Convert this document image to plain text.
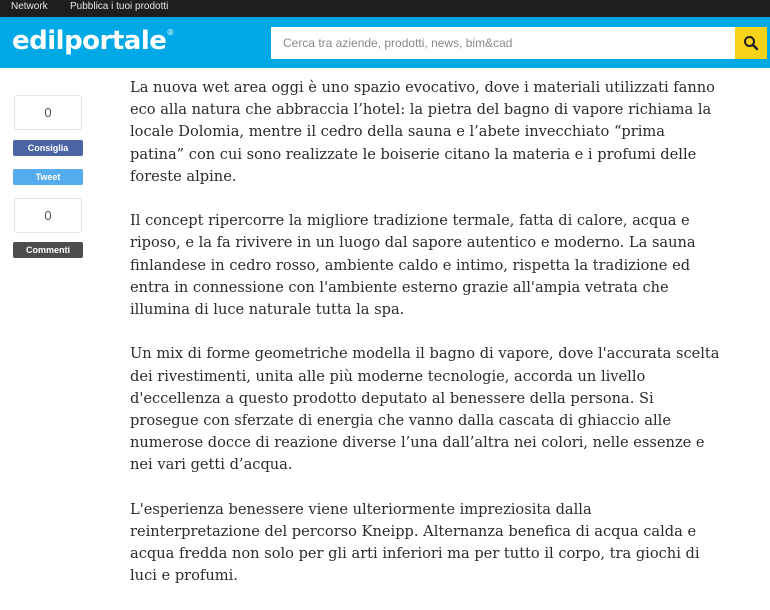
Network Pubblica i tuoi prodotti
edilportale®
Cerca tra aziende, prodotti, news, bim&cad
0
Consiglia
Tweet
0
Commenti

La nuova wet area oggi è uno spazio evocativo, dove i materiali utilizzati fanno eco alla natura che abbraccia l’hotel: la pietra del bagno di vapore richiama la locale Dolomia, mentre il cedro della sauna e l’abete invecchiato “prima patina” con cui sono realizzate le boiserie citano la materia e i profumi delle foreste alpine.

Il concept ripercorre la migliore tradizione termale, fatta di calore, acqua e riposo, e la fa rivivere in un luogo dal sapore autentico e moderno. La sauna finlandese in cedro rosso, ambiente caldo e intimo, rispetta la tradizione ed entra in connessione con l'ambiente esterno grazie all'ampia vetrata che illumina di luce naturale tutta la spa.

Un mix di forme geometriche modella il bagno di vapore, dove l'accurata scelta dei rivestimenti, unita alle più moderne tecnologie, accorda un livello d'eccellenza a questo prodotto deputato al benessere della persona. Si prosegue con sferzate di energia che vanno dalla cascata di ghiaccio alle numerose docce di reazione diverse l’una dall’altra nei colori, nelle essenze e nei vari getti d’acqua.

L'esperienza benessere viene ulteriormente impreziosita dalla reinterpretazione del percorso Kneipp. Alternanza benefica di acqua calda e acqua fredda non solo per gli arti inferiori ma per tutto il corpo, tra giochi di luci e profumi.
